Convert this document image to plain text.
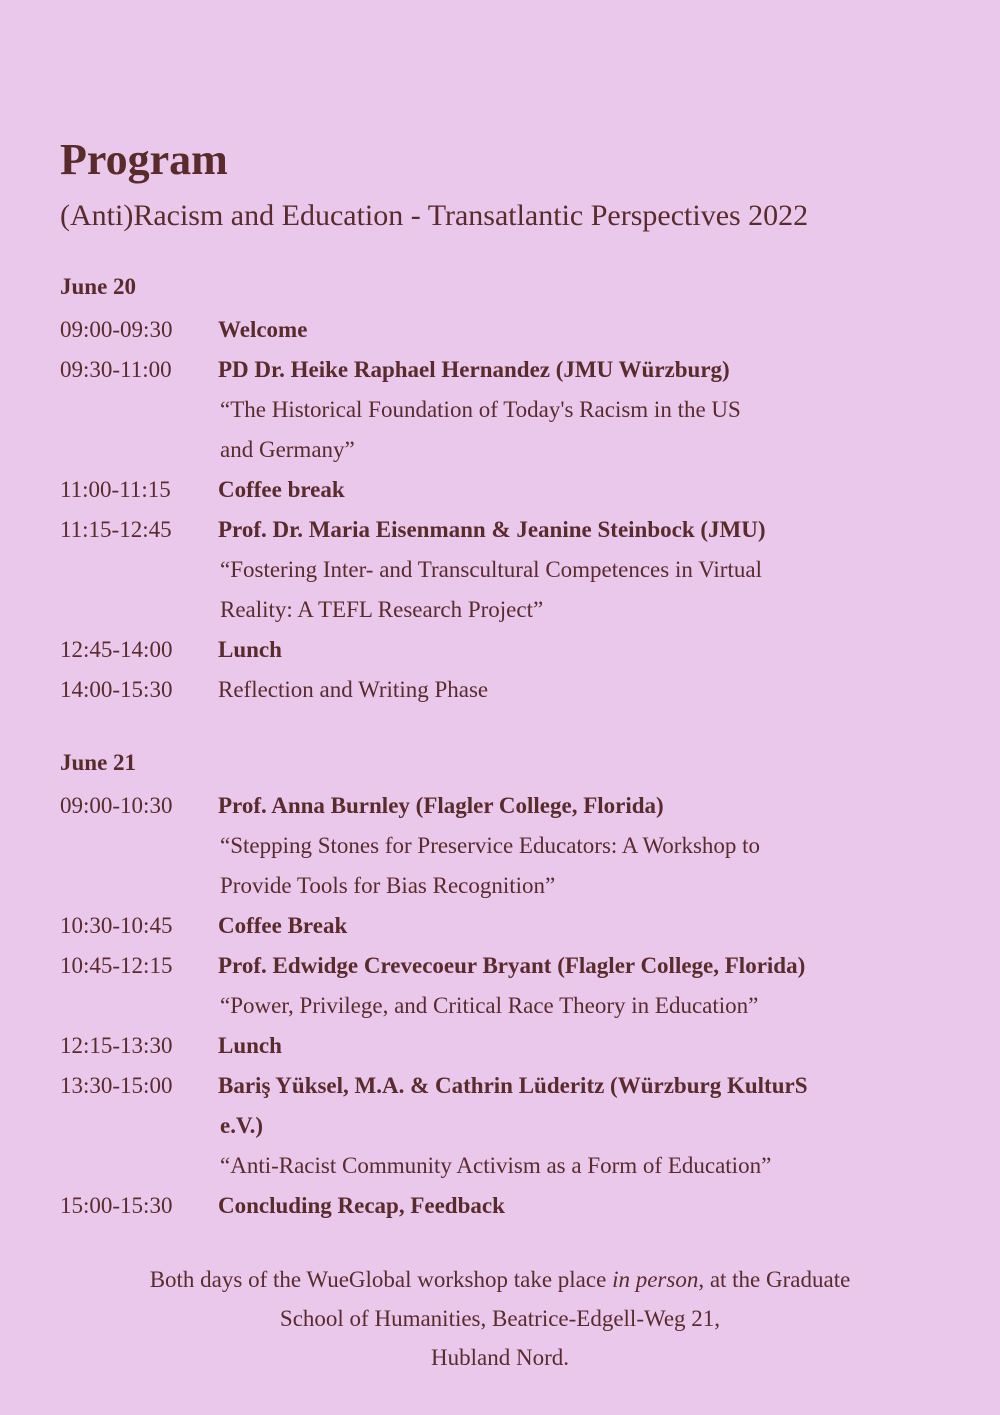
Program
(Anti)Racism and Education - Transatlantic Perspectives 2022
June 20
09:00-09:30	Welcome
09:30-11:00	PD Dr. Heike Raphael Hernandez (JMU Würzburg)
“The Historical Foundation of Today's Racism in the US
and Germany”
11:00-11:15	Coffee break
11:15-12:45	Prof. Dr. Maria Eisenmann & Jeanine Steinbock (JMU)
“Fostering Inter- and Transcultural Competences in Virtual
Reality: A TEFL Research Project”
12:45-14:00	Lunch
14:00-15:30	Reflection and Writing Phase
June 21
09:00-10:30	Prof. Anna Burnley (Flagler College, Florida)
“Stepping Stones for Preservice Educators: A Workshop to
Provide Tools for Bias Recognition”
10:30-10:45	Coffee Break
10:45-12:15	Prof. Edwidge Crevecoeur Bryant (Flagler College, Florida)
“Power, Privilege, and Critical Race Theory in Education”
12:15-13:30	Lunch
13:30-15:00	Bariş Yüksel, M.A. & Cathrin Lüderitz (Würzburg KulturS
e.V.)
“Anti-Racist Community Activism as a Form of Education”
15:00-15:30	Concluding Recap, Feedback
Both days of the WueGlobal workshop take place in person, at the Graduate
School of Humanities, Beatrice-Edgell-Weg 21,
Hubland Nord.
